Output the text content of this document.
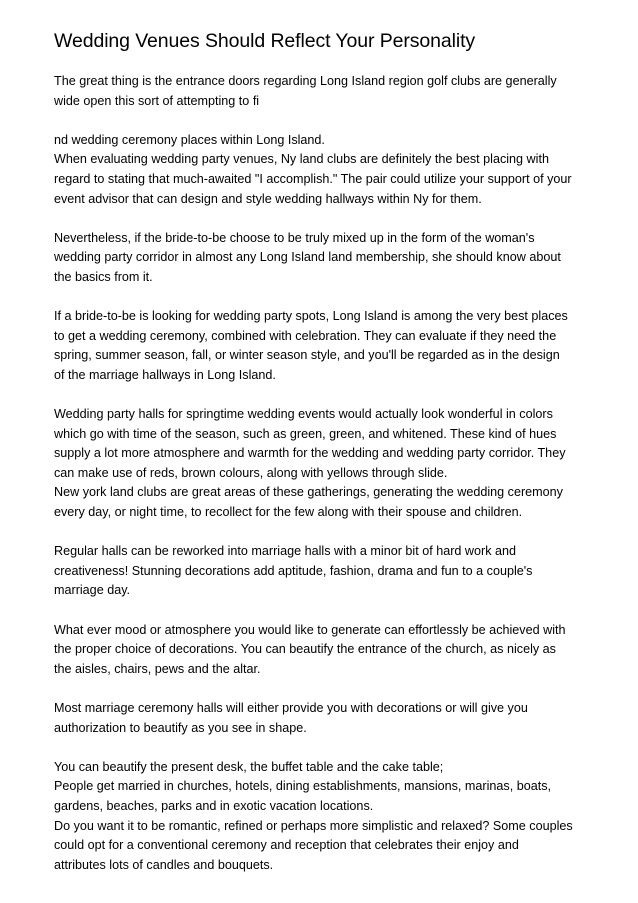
Wedding Venues Should Reflect Your Personality

The great thing is the entrance doors regarding Long Island region golf clubs are generally
wide open this sort of attempting to fi

nd wedding ceremony places within Long Island.
When evaluating wedding party venues, Ny land clubs are definitely the best placing with
regard to stating that much-awaited "I accomplish." The pair could utilize your support of your
event advisor that can design and style wedding hallways within Ny for them.

Nevertheless, if the bride-to-be choose to be truly mixed up in the form of the woman's
wedding party corridor in almost any Long Island land membership, she should know about
the basics from it.

If a bride-to-be is looking for wedding party spots, Long Island is among the very best places
to get a wedding ceremony, combined with celebration. They can evaluate if they need the
spring, summer season, fall, or winter season style, and you'll be regarded as in the design
of the marriage hallways in Long Island.

Wedding party halls for springtime wedding events would actually look wonderful in colors
which go with time of the season, such as green, green, and whitened. These kind of hues
supply a lot more atmosphere and warmth for the wedding and wedding party corridor. They
can make use of reds, brown colours, along with yellows through slide.
New york land clubs are great areas of these gatherings, generating the wedding ceremony
every day, or night time, to recollect for the few along with their spouse and children.

Regular halls can be reworked into marriage halls with a minor bit of hard work and
creativeness! Stunning decorations add aptitude, fashion, drama and fun to a couple's
marriage day.

What ever mood or atmosphere you would like to generate can effortlessly be achieved with
the proper choice of decorations. You can beautify the entrance of the church, as nicely as
the aisles, chairs, pews and the altar.

Most marriage ceremony halls will either provide you with decorations or will give you
authorization to beautify as you see in shape.

You can beautify the present desk, the buffet table and the cake table;
People get married in churches, hotels, dining establishments, mansions, marinas, boats,
gardens, beaches, parks and in exotic vacation locations.
Do you want it to be romantic, refined or perhaps more simplistic and relaxed? Some couples
could opt for a conventional ceremony and reception that celebrates their enjoy and
attributes lots of candles and bouquets.
